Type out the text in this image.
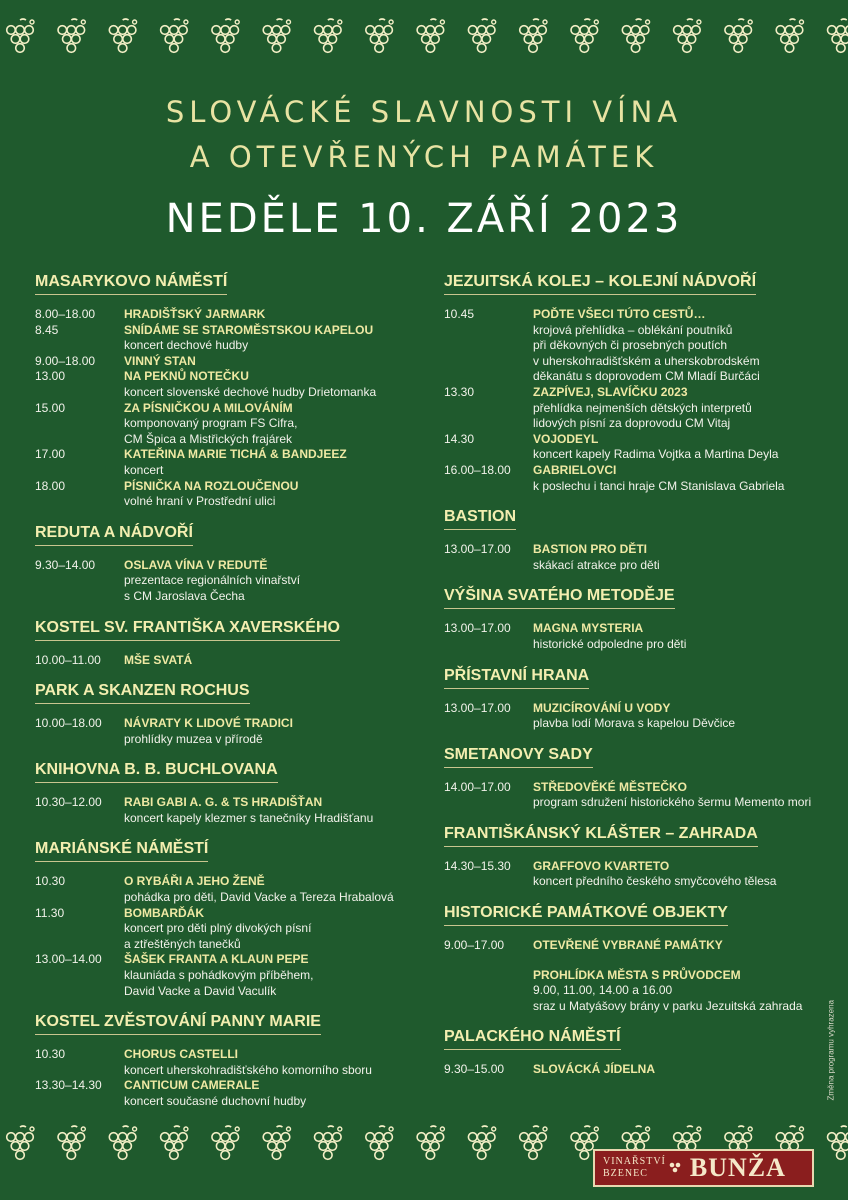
SLOVÁCKÉ SLAVNOSTI VÍNA
A OTEVŘENÝCH PAMÁTEK
NEDĚLE 10. ZÁŘÍ 2023
MASARYKOVO NÁMĚSTÍ
8.00–18.00	HRADIŠŤSKÝ JARMARK
8.45	SNÍDÁME SE STAROMĚSTSKOU KAPELOU
koncert dechové hudby
9.00–18.00	VINNÝ STAN
13.00	NA PEKNŮ NOTEČKU
koncert slovenské dechové hudby Drietomanka
15.00	ZA PÍSNIČKOU A MILOVÁNÍM
komponovaný program FS Cifra,
CM Špica a Mistřických frajárek
17.00	KATEŘINA MARIE TICHÁ & BANDJEEZ
koncert
18.00	PÍSNIČKA NA ROZLOUČENOU
volné hraní v Prostřední ulici
REDUTA A NÁDVOŘÍ
9.30–14.00	OSLAVA VÍNA V REDUTĚ
prezentace regionálních vinařství
s CM Jaroslava Čecha
KOSTEL SV. FRANTIŠKA XAVERSKÉHO
10.00–11.00	MŠE SVATÁ
PARK A SKANZEN ROCHUS
10.00–18.00	NÁVRATY K LIDOVÉ TRADICI
prohlídky muzea v přírodě
KNIHOVNA B. B. BUCHLOVANA
10.30–12.00	RABI GABI A. G. & TS HRADIŠŤAN
koncert kapely klezmer s tanečníky Hradišťanu
MARIÁNSKÉ NÁMĚSTÍ
10.30	O RYBÁŘI A JEHO ŽENĚ
pohádka pro děti, David Vacke a Tereza Hrabalová
11.30	BOMBARĎÁK
koncert pro děti plný divokých písní
a ztřeštěných tanečků
13.00–14.00	ŠAŠEK FRANTA A KLAUN PEPE
klauniáda s pohádkovým příběhem,
David Vacke a David Vaculík
KOSTEL ZVĚSTOVÁNÍ PANNY MARIE
10.30	CHORUS CASTELLI
koncert uherskohradišťského komorního sboru
13.30–14.30	CANTICUM CAMERALE
koncert současné duchovní hudby
JEZUITSKÁ KOLEJ – KOLEJNÍ NÁDVOŘÍ
10.45	POĎTE VŠECI TÚTO CESTŮ…
krojová přehlídka – oblékání poutníků
při děkovných či prosebných poutích
v uherskohradišťském a uherskobrodském
děkanátu s doprovodem CM Mladí Burčáci
13.30	ZAZPÍVEJ, SLAVÍČKU 2023
přehlídka nejmenších dětských interpretů
lidových písní za doprovodu CM Vitaj
14.30	VOJODEYL
koncert kapely Radima Vojtka a Martina Deyla
16.00–18.00	GABRIELOVCI
k poslechu i tanci hraje CM Stanislava Gabriela
BASTION
13.00–17.00	BASTION PRO DĚTI
skákací atrakce pro děti
VÝŠINA SVATÉHO METODĚJE
13.00–17.00	MAGNA MYSTERIA
historické odpoledne pro děti
PŘÍSTAVNÍ HRANA
13.00–17.00	MUZICÍROVÁNÍ U VODY
plavba lodí Morava s kapelou Děvčice
SMETANOVY SADY
14.00–17.00	STŘEDOVĚKÉ MĚSTEČKO
program sdružení historického šermu Memento mori
FRANTIŠKÁNSKÝ KLÁŠTER – ZAHRADA
14.30–15.30	GRAFFOVO KVARTETO
koncert předního českého smyčcového tělesa
HISTORICKÉ PAMÁTKOVÉ OBJEKTY
9.00–17.00	OTEVŘENÉ VYBRANÉ PAMÁTKY
PROHLÍDKA MĚSTA S PRŮVODCEM
9.00, 11.00, 14.00 a 16.00
sraz u Matyášovy brány v parku Jezuitská zahrada
PALACKÉHO NÁMĚSTÍ
9.30–15.00	SLOVÁCKÁ JÍDELNA	Změna programu vyhrazena
VINAŘSTVÍ
BZENEC	BUNŽA
